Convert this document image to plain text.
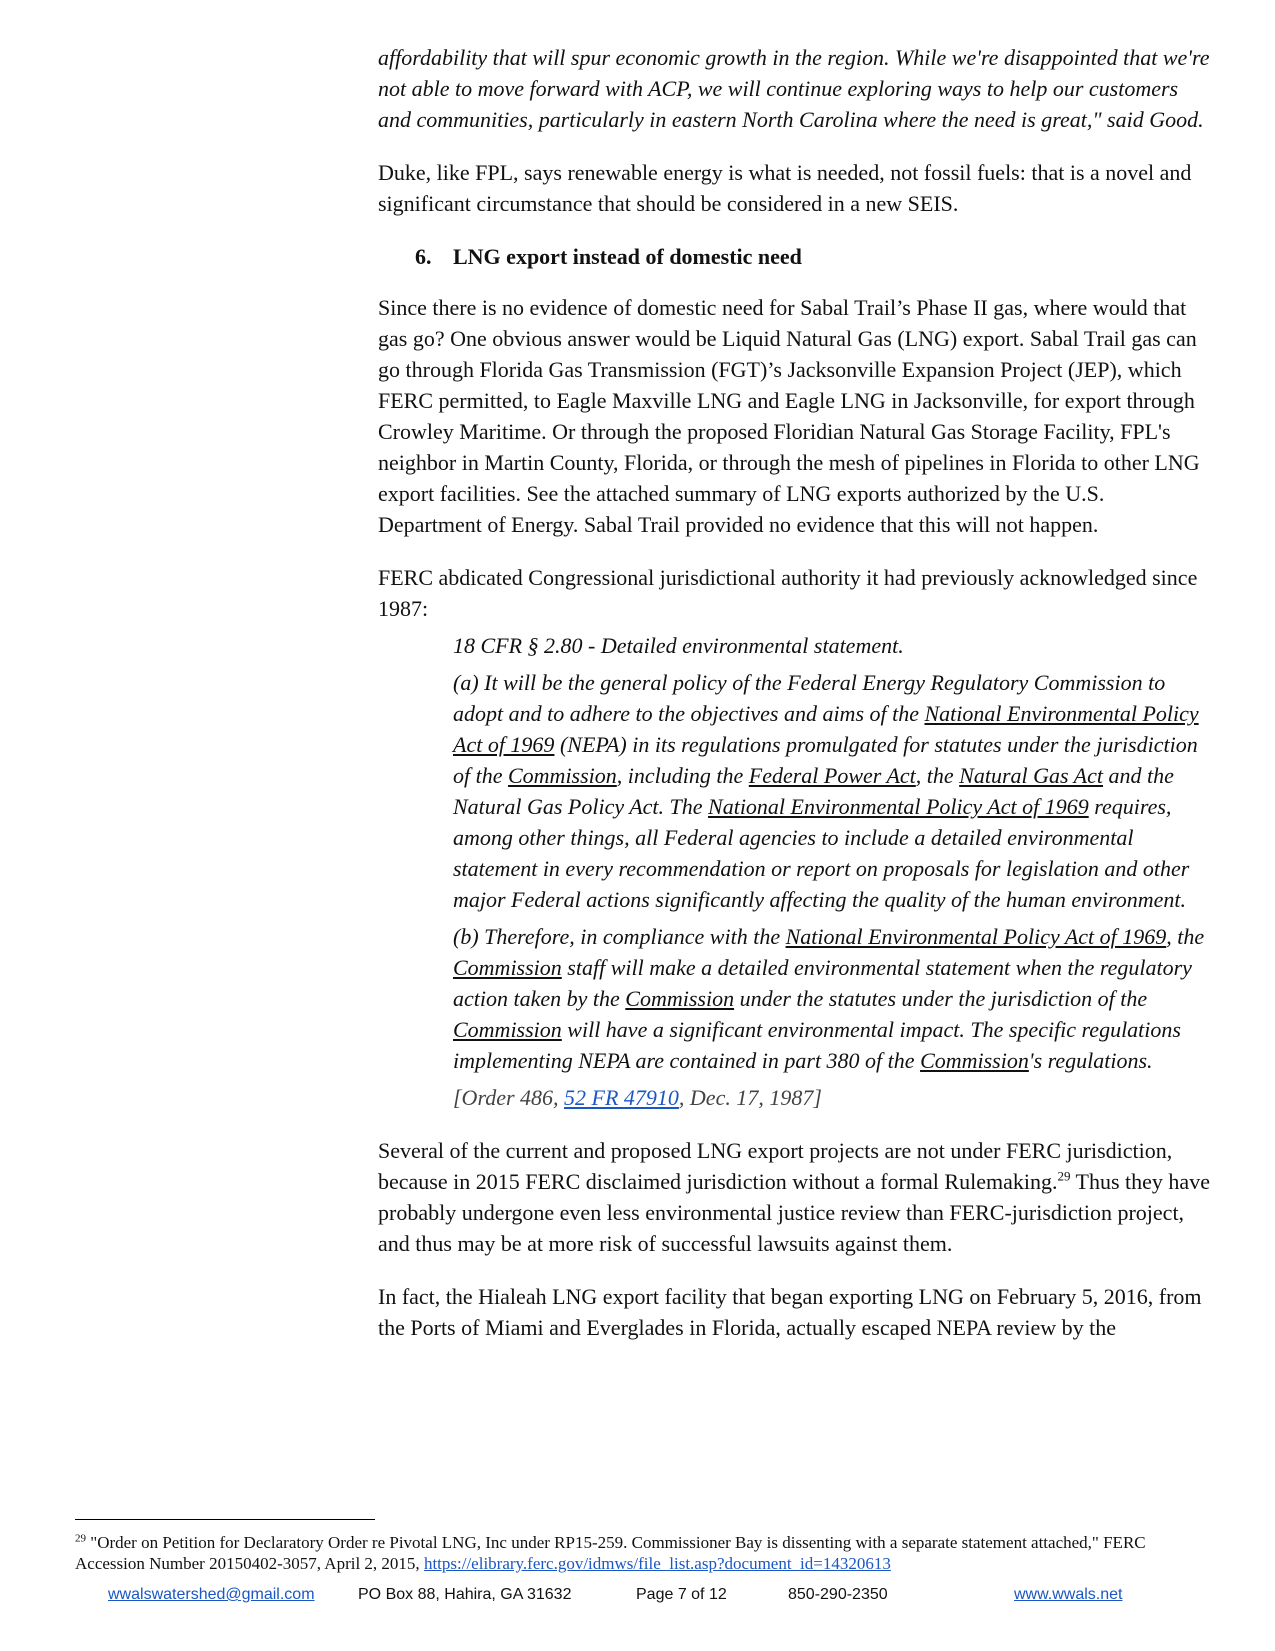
affordability that will spur economic growth in the region. While we're disappointed that we're not able to move forward with ACP, we will continue exploring ways to help our customers and communities, particularly in eastern North Carolina where the need is great," said Good.

Duke, like FPL, says renewable energy is what is needed, not fossil fuels: that is a novel and significant circumstance that should be considered in a new SEIS.

6. LNG export instead of domestic need

Since there is no evidence of domestic need for Sabal Trail’s Phase II gas, where would that gas go? One obvious answer would be Liquid Natural Gas (LNG) export. Sabal Trail gas can go through Florida Gas Transmission (FGT)’s Jacksonville Expansion Project (JEP), which FERC permitted, to Eagle Maxville LNG and Eagle LNG in Jacksonville, for export through Crowley Maritime. Or through the proposed Floridian Natural Gas Storage Facility, FPL's neighbor in Martin County, Florida, or through the mesh of pipelines in Florida to other LNG export facilities. See the attached summary of LNG exports authorized by the U.S. Department of Energy. Sabal Trail provided no evidence that this will not happen.

FERC abdicated Congressional jurisdictional authority it had previously acknowledged since 1987:

18 CFR § 2.80 - Detailed environmental statement.

(a) It will be the general policy of the Federal Energy Regulatory Commission to adopt and to adhere to the objectives and aims of the National Environmental Policy Act of 1969 (NEPA) in its regulations promulgated for statutes under the jurisdiction of the Commission, including the Federal Power Act, the Natural Gas Act and the Natural Gas Policy Act. The National Environmental Policy Act of 1969 requires, among other things, all Federal agencies to include a detailed environmental statement in every recommendation or report on proposals for legislation and other major Federal actions significantly affecting the quality of the human environment.

(b) Therefore, in compliance with the National Environmental Policy Act of 1969, the Commission staff will make a detailed environmental statement when the regulatory action taken by the Commission under the statutes under the jurisdiction of the Commission will have a significant environmental impact. The specific regulations implementing NEPA are contained in part 380 of the Commission's regulations.

[Order 486, 52 FR 47910, Dec. 17, 1987]

Several of the current and proposed LNG export projects are not under FERC jurisdiction, because in 2015 FERC disclaimed jurisdiction without a formal Rulemaking.$^{29}$ Thus they have probably undergone even less environmental justice review than FERC-jurisdiction project, and thus may be at more risk of successful lawsuits against them.

In fact, the Hialeah LNG export facility that began exporting LNG on February 5, 2016, from the Ports of Miami and Everglades in Florida, actually escaped NEPA review by the

$^{29}$ "Order on Petition for Declaratory Order re Pivotal LNG, Inc under RP15-259. Commissioner Bay is dissenting with a separate statement attached," FERC Accession Number 20150402-3057, April 2, 2015, https://elibrary.ferc.gov/idmws/file_list.asp?document_id=14320613
wwalswatershed@gmail.com	PO Box 88, Hahira, GA 31632	Page 7 of 12	850-290-2350	www.wwals.net
